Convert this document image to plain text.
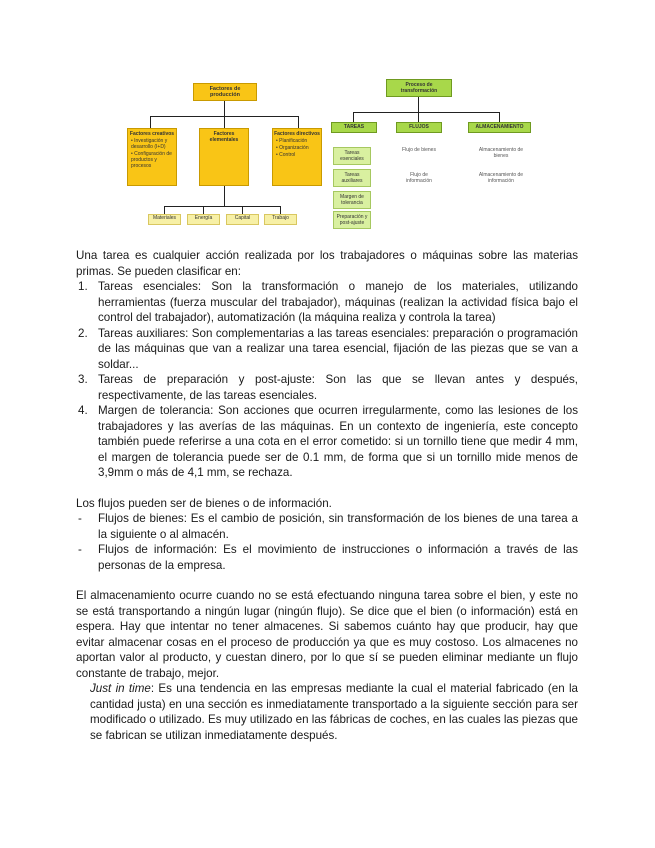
Factores de producción
Factores creativos
• Investigación y desarrollo (I+D)
• Configuración de productos y procesos
Factores elementales
Factores directivos
• Planificación
• Organización
• Control
Materiales	Energía	Capital	Trabajo
Proceso de transformación
TAREAS	FLUJOS	ALMACENAMIENTO
Tareas esenciales
Tareas auxiliares
Margen de tolerancia
Preparación y post-ajuste
Flujo de bienes
Flujo de información
Almacenamiento de bienes
Almacenamiento de información

Una tarea es cualquier acción realizada por los trabajadores o máquinas sobre las materias primas. Se pueden clasificar en:

1. Tareas esenciales: Son la transformación o manejo de los materiales, utilizando herramientas (fuerza muscular del trabajador), máquinas (realizan la actividad física bajo el control del trabajador), automatización (la máquina realiza y controla la tarea)
2. Tareas auxiliares: Son complementarias a las tareas esenciales: preparación o programación de las máquinas que van a realizar una tarea esencial, fijación de las piezas que se van a soldar...
3. Tareas de preparación y post-ajuste: Son las que se llevan antes y después, respectivamente, de las tareas esenciales.
4. Margen de tolerancia: Son acciones que ocurren irregularmente, como las lesiones de los trabajadores y las averías de las máquinas. En un contexto de ingeniería, este concepto también puede referirse a una cota en el error cometido: si un tornillo tiene que medir 4 mm, el margen de tolerancia puede ser de 0.1 mm, de forma que si un tornillo mide menos de 3,9mm o más de 4,1 mm, se rechaza.

Los flujos pueden ser de bienes o de información.

- Flujos de bienes: Es el cambio de posición, sin transformación de los bienes de una tarea a la siguiente o al almacén.
- Flujos de información: Es el movimiento de instrucciones o información a través de las personas de la empresa.

El almacenamiento ocurre cuando no se está efectuando ninguna tarea sobre el bien, y este no se está transportando a ningún lugar (ningún flujo). Se dice que el bien (o información) está en espera. Hay que intentar no tener almacenes. Si sabemos cuánto hay que producir, hay que evitar almacenar cosas en el proceso de producción ya que es muy costoso. Los almacenes no aportan valor al producto, y cuestan dinero, por lo que sí se pueden eliminar mediante un flujo constante de trabajo, mejor.

Just in time: Es una tendencia en las empresas mediante la cual el material fabricado (en la cantidad justa) en una sección es inmediatamente transportado a la siguiente sección para ser modificado o utilizado. Es muy utilizado en las fábricas de coches, en las cuales las piezas que se fabrican se utilizan inmediatamente después.
